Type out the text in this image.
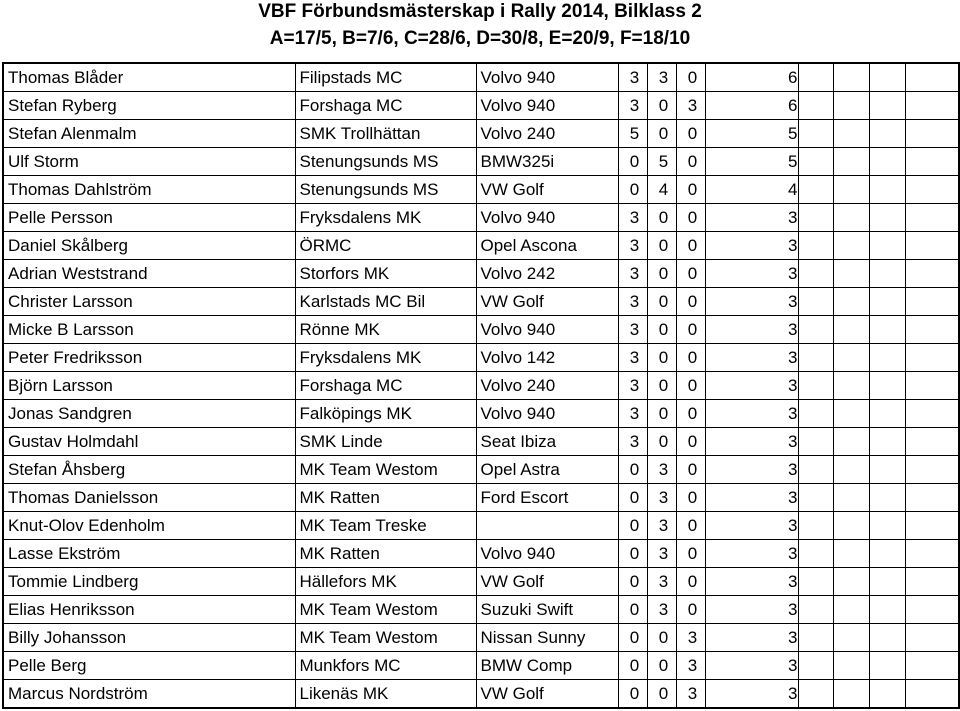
VBF Förbundsmästerskap i Rally 2014, Bilklass 2
A=17/5, B=7/6, C=28/6, D=30/8, E=20/9, F=18/10
Thomas Blåder	Filipstads MC	Volvo 940	3	3	0	6				
Stefan Ryberg	Forshaga MC	Volvo 940	3	0	3	6				
Stefan Alenmalm	SMK Trollhättan	Volvo 240	5	0	0	5				
Ulf Storm	Stenungsunds MS	BMW325i	0	5	0	5				
Thomas Dahlström	Stenungsunds MS	VW Golf	0	4	0	4				
Pelle Persson	Fryksdalens MK	Volvo 940	3	0	0	3				
Daniel Skålberg	ÖRMC	Opel Ascona	3	0	0	3				
Adrian Weststrand	Storfors MK	Volvo 242	3	0	0	3				
Christer Larsson	Karlstads MC Bil	VW Golf	3	0	0	3				
Micke B Larsson	Rönne MK	Volvo 940	3	0	0	3				
Peter Fredriksson	Fryksdalens MK	Volvo 142	3	0	0	3				
Björn Larsson	Forshaga MC	Volvo 240	3	0	0	3				
Jonas Sandgren	Falköpings MK	Volvo 940	3	0	0	3				
Gustav Holmdahl	SMK Linde	Seat Ibiza	3	0	0	3				
Stefan Åhsberg	MK Team Westom	Opel Astra	0	3	0	3				
Thomas Danielsson	MK Ratten	Ford Escort	0	3	0	3				
Knut-Olov Edenholm	MK Team Treske		0	3	0	3				
Lasse Ekström	MK Ratten	Volvo 940	0	3	0	3				
Tommie Lindberg	Hällefors MK	VW Golf	0	3	0	3				
Elias Henriksson	MK Team Westom	Suzuki Swift	0	3	0	3				
Billy Johansson	MK Team Westom	Nissan Sunny	0	0	3	3				
Pelle Berg	Munkfors MC	BMW Comp	0	0	3	3				
Marcus Nordström	Likenäs MK	VW Golf	0	0	3	3				
